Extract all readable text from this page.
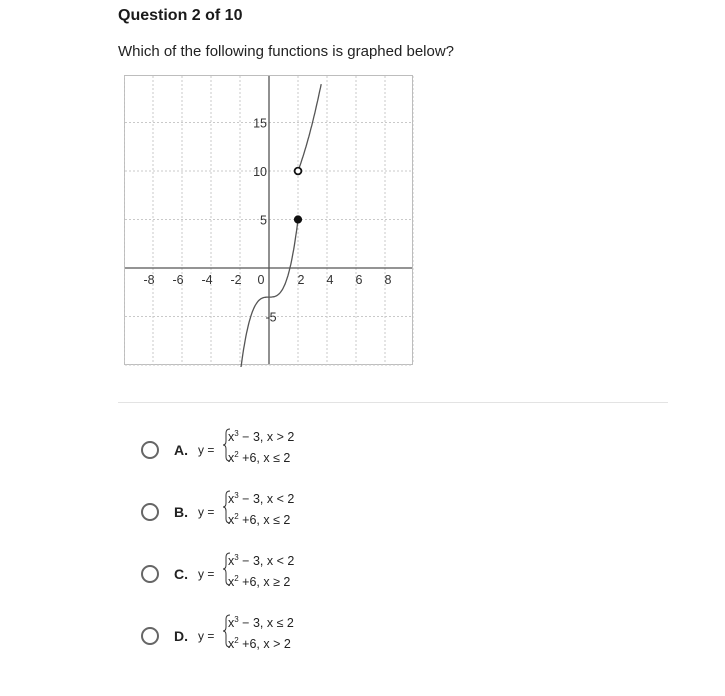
Question 2 of 10
Which of the following functions is graphed below?
-8 -6 -4 -2 0	2 4 6 8
15
10
5
-5
A. y =
$x^3 - 3$, x > 2
$x^2 +6$, x ≤ 2
B. y =
$x^3 - 3$, x < 2
$x^2 +6$, x ≤ 2
C. y =
$x^3 - 3$, x < 2
$x^2 +6$, x ≥ 2
D. y =
$x^3 - 3$, x ≤ 2
$x^2 +6$, x > 2
